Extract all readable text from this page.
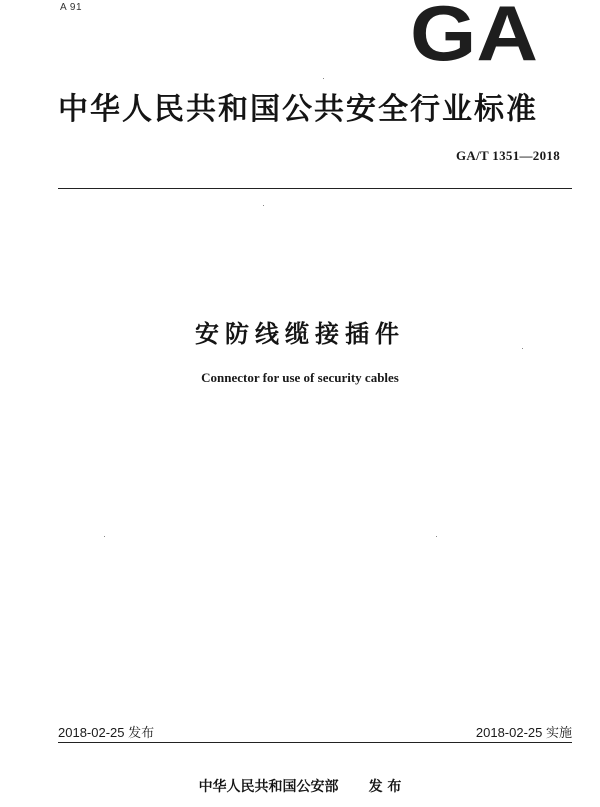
A 91	GA
中华人民共和国公共安全行业标准
GA/T 1351—2018
安防线缆接插件
Connector for use of security cables
2018-02-25 发布	2018-02-25 实施
中华人民共和国公安部 发 布
